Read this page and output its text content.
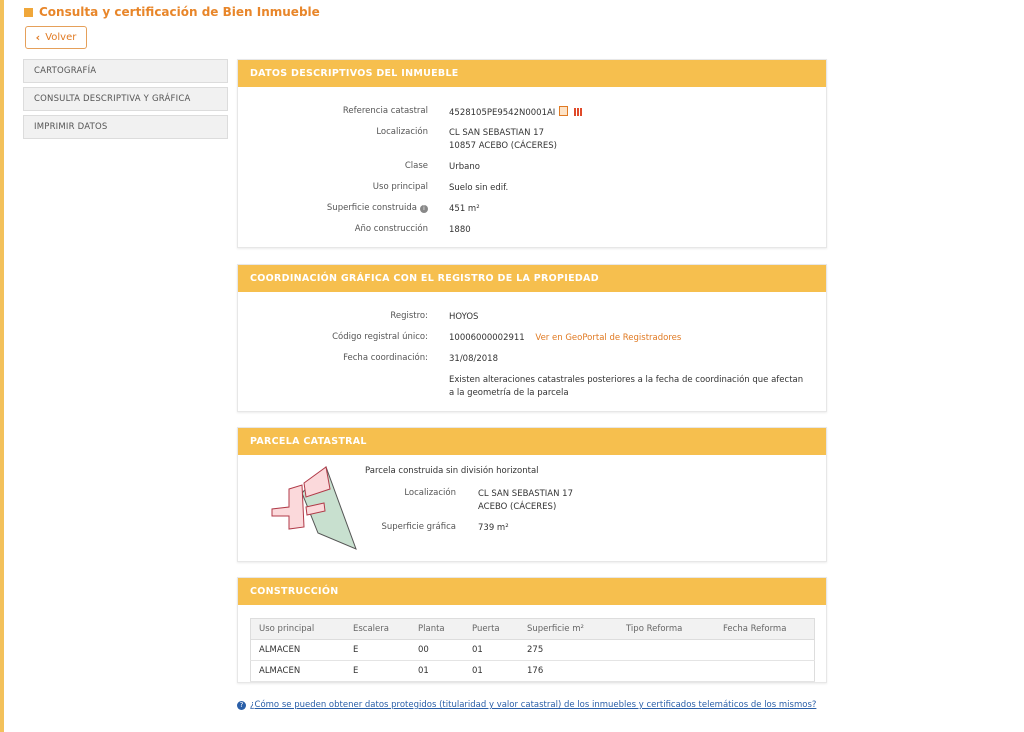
Consulta y certificación de Bien Inmueble
‹ Volver
CARTOGRAFÍA
CONSULTA DESCRIPTIVA Y GRÁFICA
IMPRIMIR DATOS
DATOS DESCRIPTIVOS DEL INMUEBLE
Referencia catastral 4528105PE9542N0001AI
Localización CL SAN SEBASTIAN 17
10857 ACEBO (CÁCERES)
Clase Urbano
Uso principal Suelo sin edif.
Superficie construida i	451 m²
Año construcción 1880
COORDINACIÓN GRÁFICA CON EL REGISTRO DE LA PROPIEDAD
Registro: HOYOS
Código registral único: 10006000002911 Ver en GeoPortal de Registradores
Fecha coordinación: 31/08/2018
Existen alteraciones catastrales posteriores a la fecha de coordinación que afectan a la geometría de la parcela
PARCELA CATASTRAL
Parcela construida sin división horizontal
Localización	CL SAN SEBASTIAN 17
ACEBO (CÁCERES)
Superficie gráfica	739 m²
CONSTRUCCIÓN
Uso principal	Escalera	Planta	Puerta	Superficie m²	Tipo Reforma	Fecha Reforma
ALMACEN	E	00	01	275		
ALMACEN	E	01	01	176		
? ¿Cómo se pueden obtener datos protegidos (titularidad y valor catastral) de los inmuebles y certificados telemáticos de los mismos?
